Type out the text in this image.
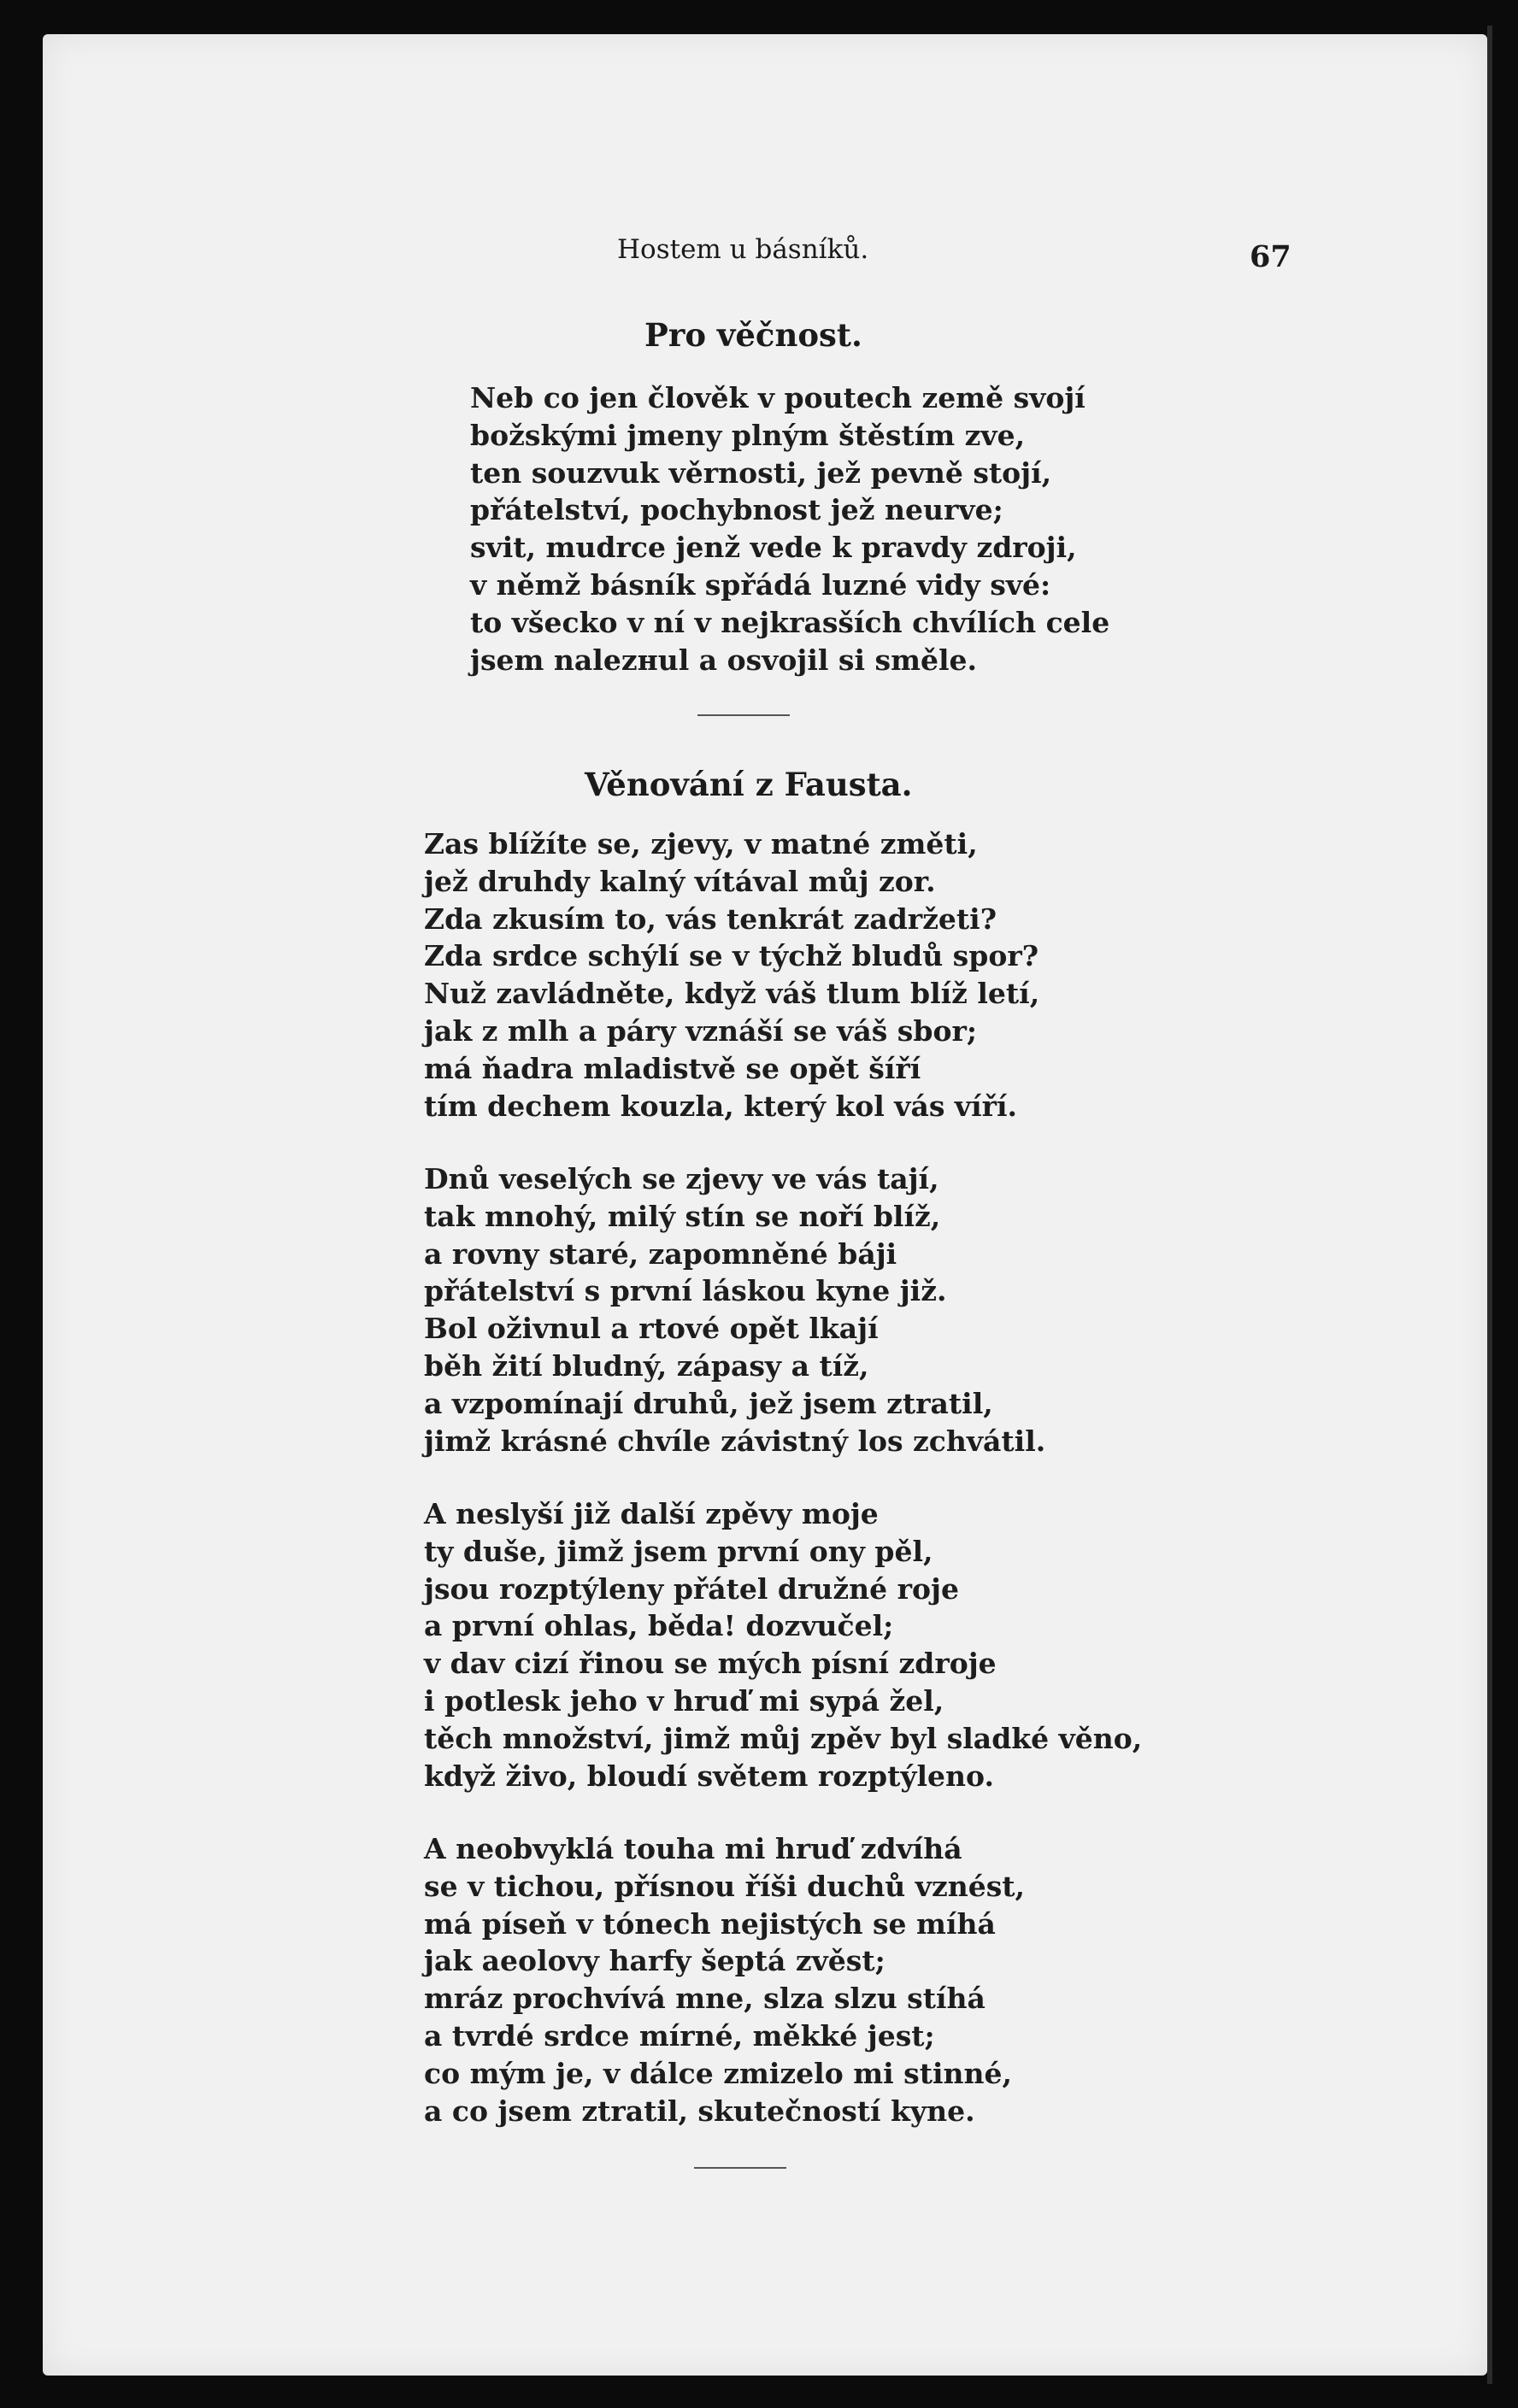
Hostem u básníků.	67
Pro věčnost.
Neb co jen člověk v poutech země svojí
božskými jmeny plným štěstím zve,
ten souzvuk věrnosti, jež pevně stojí,
přátelství, pochybnost jež neurve;
svit, mudrce jenž vede k pravdy zdroji,
v němž básník spřádá luzné vidy své:
to všecko v ní v nejkrasších chvílích cele
jsem nalezнul a osvojil si směle.
Věnování z Fausta.
Zas blížíte se, zjevy, v matné změti,
jež druhdy kalný vítával můj zor.
Zda zkusím to, vás tenkrát zadržeti?
Zda srdce schýlí se v týchž bludů spor?
Nuž zavládněte, když váš tlum blíž letí,
jak z mlh a páry vznáší se váš sbor;
má ňadra mladistvě se opět šíří
tím dechem kouzla, který kol vás víří.
Dnů veselých se zjevy ve vás tají,
tak mnohý, milý stín se noří blíž,
a rovny staré, zapomněné báji
přátelství s první láskou kyne již.
Bol oživnul a rtové opět lkají
běh žití bludný, zápasy a tíž,
a vzpomínají druhů, jež jsem ztratil,
jimž krásné chvíle závistný los zchvátil.
A neslyší již další zpěvy moje
ty duše, jimž jsem první ony pěl,
jsou rozptýleny přátel družné roje
a první ohlas, běda! dozvučel;
v dav cizí řinou se mých písní zdroje
i potlesk jeho v hruď mi sypá žel,
těch množství, jimž můj zpěv byl sladké věno,
když živo, bloudí světem rozptýleno.
A neobvyklá touha mi hruď zdvíhá
se v tichou, přísnou říši duchů vznést,
má píseň v tónech nejistých se míhá
jak aeolovy harfy šeptá zvěst;
mráz prochvívá mne, slza slzu stíhá
a tvrdé srdce mírné, měkké jest;
co mým je, v dálce zmizelo mi stinné,
a co jsem ztratil, skutečností kyne.
